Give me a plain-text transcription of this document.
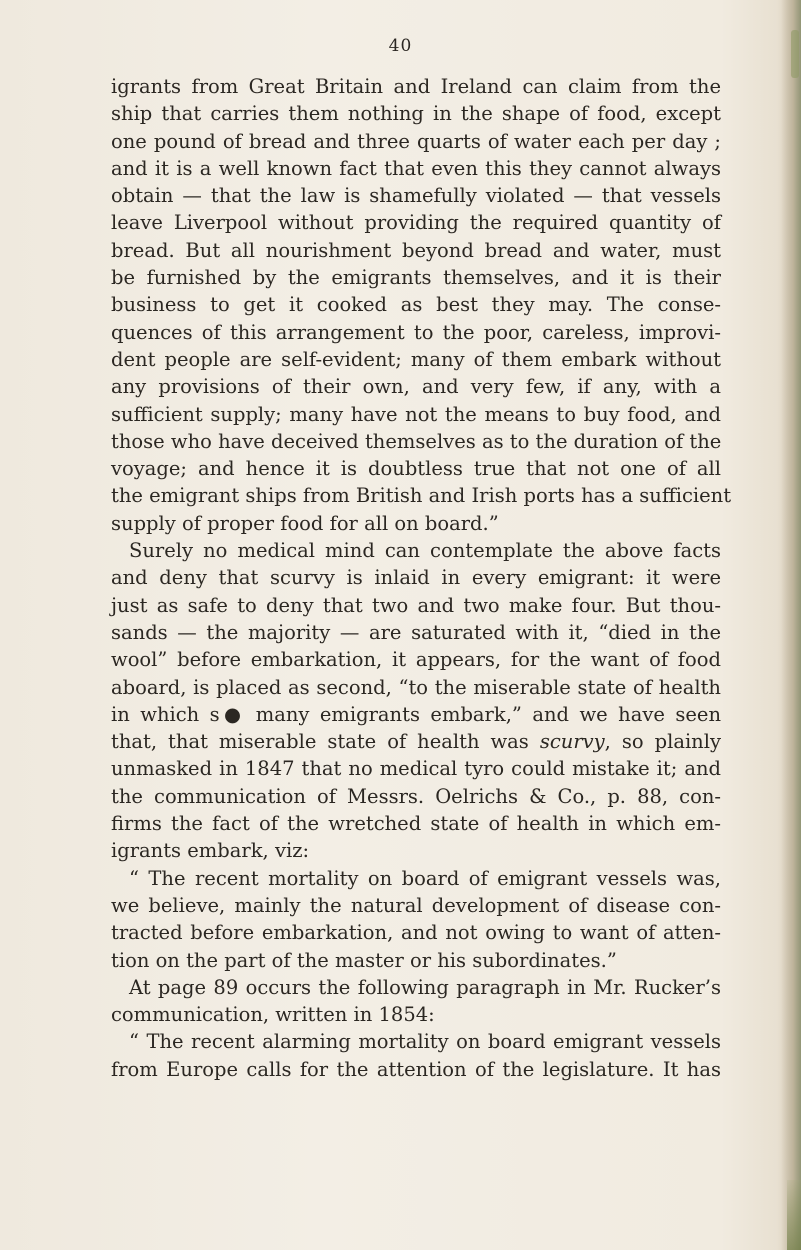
40
igrants from Great Britain and Ireland can claim from the
ship that carries them nothing in the shape of food, except
one pound of bread and three quarts of water each per day ;
and it is a well known fact that even this they cannot always
obtain — that the law is shamefully violated — that vessels
leave Liverpool without providing the required quantity of
bread. But all nourishment beyond bread and water, must
be furnished by the emigrants themselves, and it is their
business to get it cooked as best they may. The conse-
quences of this arrangement to the poor, careless, improvi-
dent people are self-evident; many of them embark without
any provisions of their own, and very few, if any, with a
sufficient supply; many have not the means to buy food, and
those who have deceived themselves as to the duration of the
voyage; and hence it is doubtless true that not one of all
the emigrant ships from British and Irish ports has a sufficient
supply of proper food for all on board.”
Surely no medical mind can contemplate the above facts
and deny that scurvy is inlaid in every emigrant: it were
just as safe to deny that two and two make four. But thou-
sands — the majority — are saturated with it, “died in the
wool” before embarkation, it appears, for the want of food
aboard, is placed as second, “to the miserable state of health
in which s● many emigrants embark,” and we have seen
that, that miserable state of health was scurvy, so plainly
unmasked in 1847 that no medical tyro could mistake it; and
the communication of Messrs. Oelrichs & Co., p. 88, con-
firms the fact of the wretched state of health in which em-
igrants embark, viz:
“ The recent mortality on board of emigrant vessels was,
we believe, mainly the natural development of disease con-
tracted before embarkation, and not owing to want of atten-
tion on the part of the master or his subordinates.”
At page 89 occurs the following paragraph in Mr. Rucker’s
communication, written in 1854:
“ The recent alarming mortality on board emigrant vessels
from Europe calls for the attention of the legislature. It has
